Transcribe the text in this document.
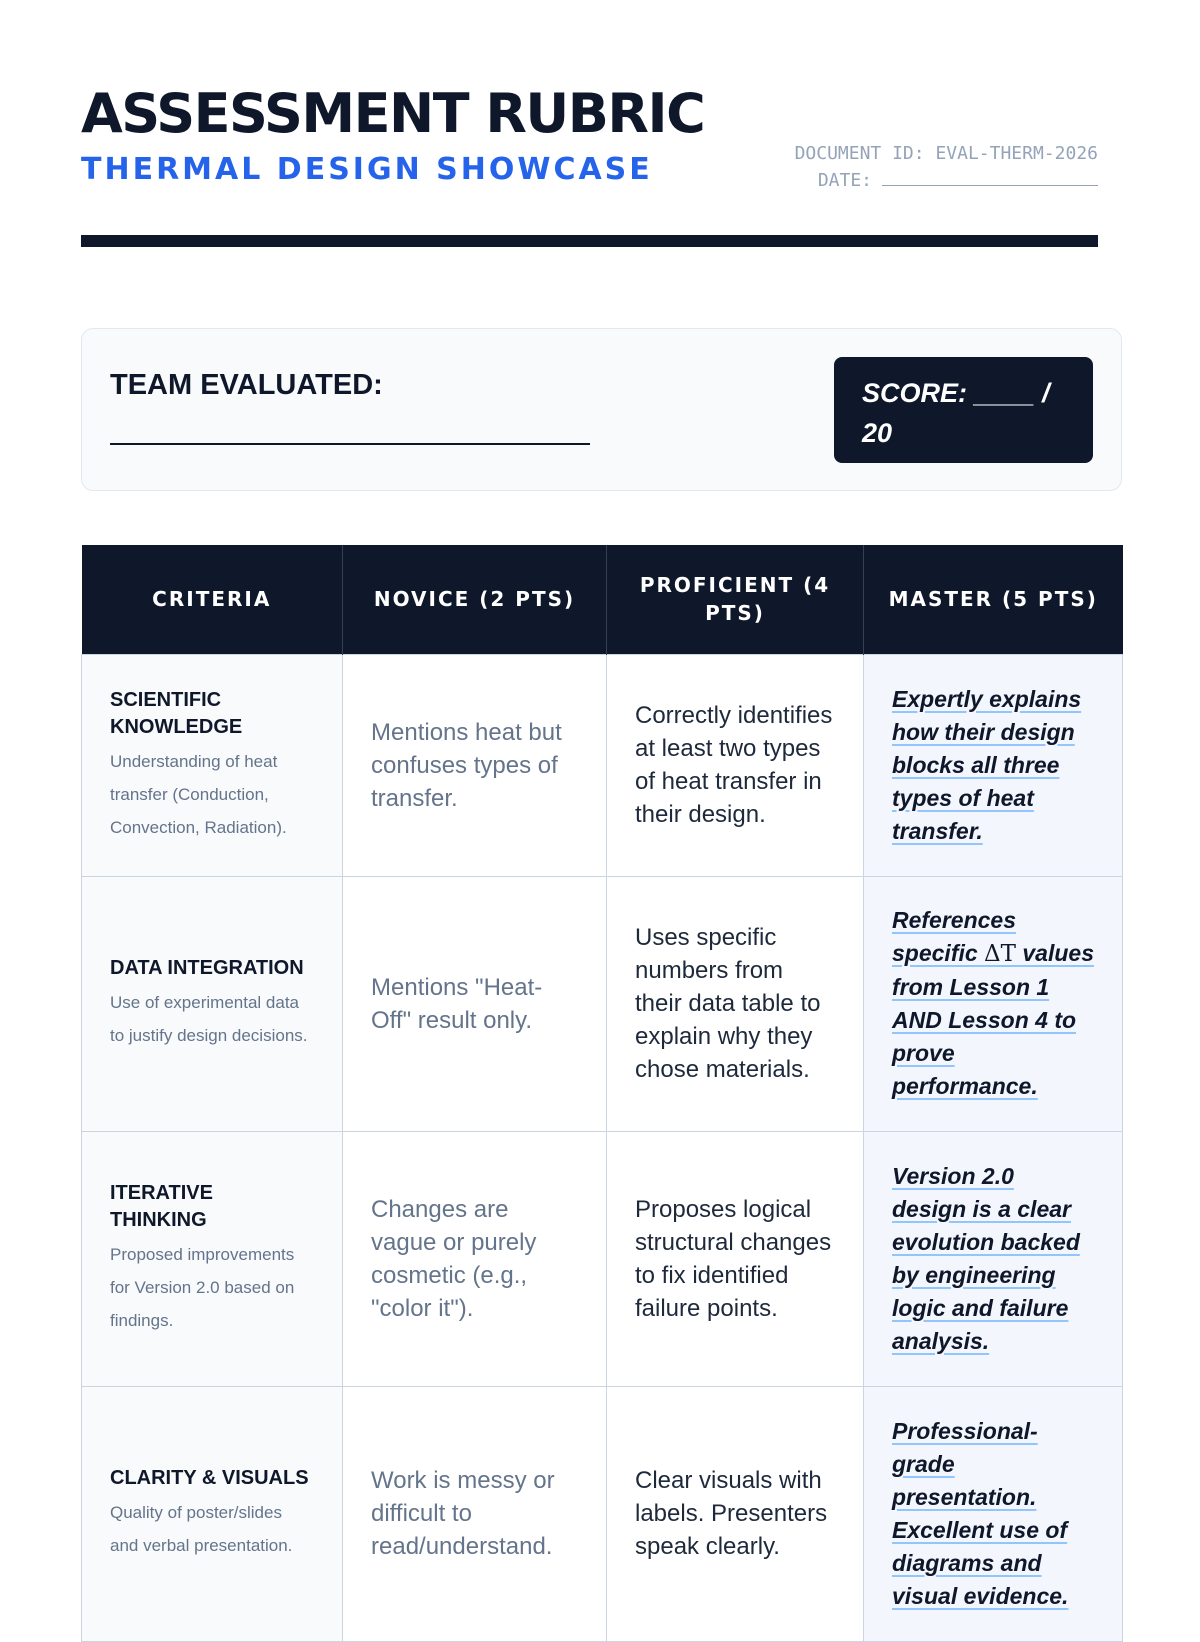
ASSESSMENT RUBRIC
THERMAL DESIGN SHOWCASE	DOCUMENT ID: EVAL-THERM-2026
DATE:
TEAM EVALUATED:	SCORE: ____ / 20
CRITERIA	NOVICE (2 PTS)	PROFICIENT (4 PTS)	MASTER (5 PTS)

SCIENTIFIC KNOWLEDGE
Understanding of heat transfer (Conduction, Convection, Radiation).	Mentions heat but confuses types of transfer.	Correctly identifies at least two types of heat transfer in their design.	Expertly explains how their design blocks all three types of heat transfer.

DATA INTEGRATION
Use of experimental data to justify design decisions.	Mentions "Heat-Off" result only.	Uses specific numbers from their data table to explain why they chose materials.	References specific ΔT values from Lesson 1 AND Lesson 4 to prove performance.

ITERATIVE THINKING
Proposed improvements for Version 2.0 based on findings.	Changes are vague or purely cosmetic (e.g., "color it").	Proposes logical structural changes to fix identified failure points.	Version 2.0 design is a clear evolution backed by engineering logic and failure analysis.

CLARITY & VISUALS
Quality of poster/slides and verbal presentation.	Work is messy or difficult to read/understand.	Clear visuals with labels. Presenters speak clearly.	Professional-grade presentation. Excellent use of diagrams and visual evidence.
